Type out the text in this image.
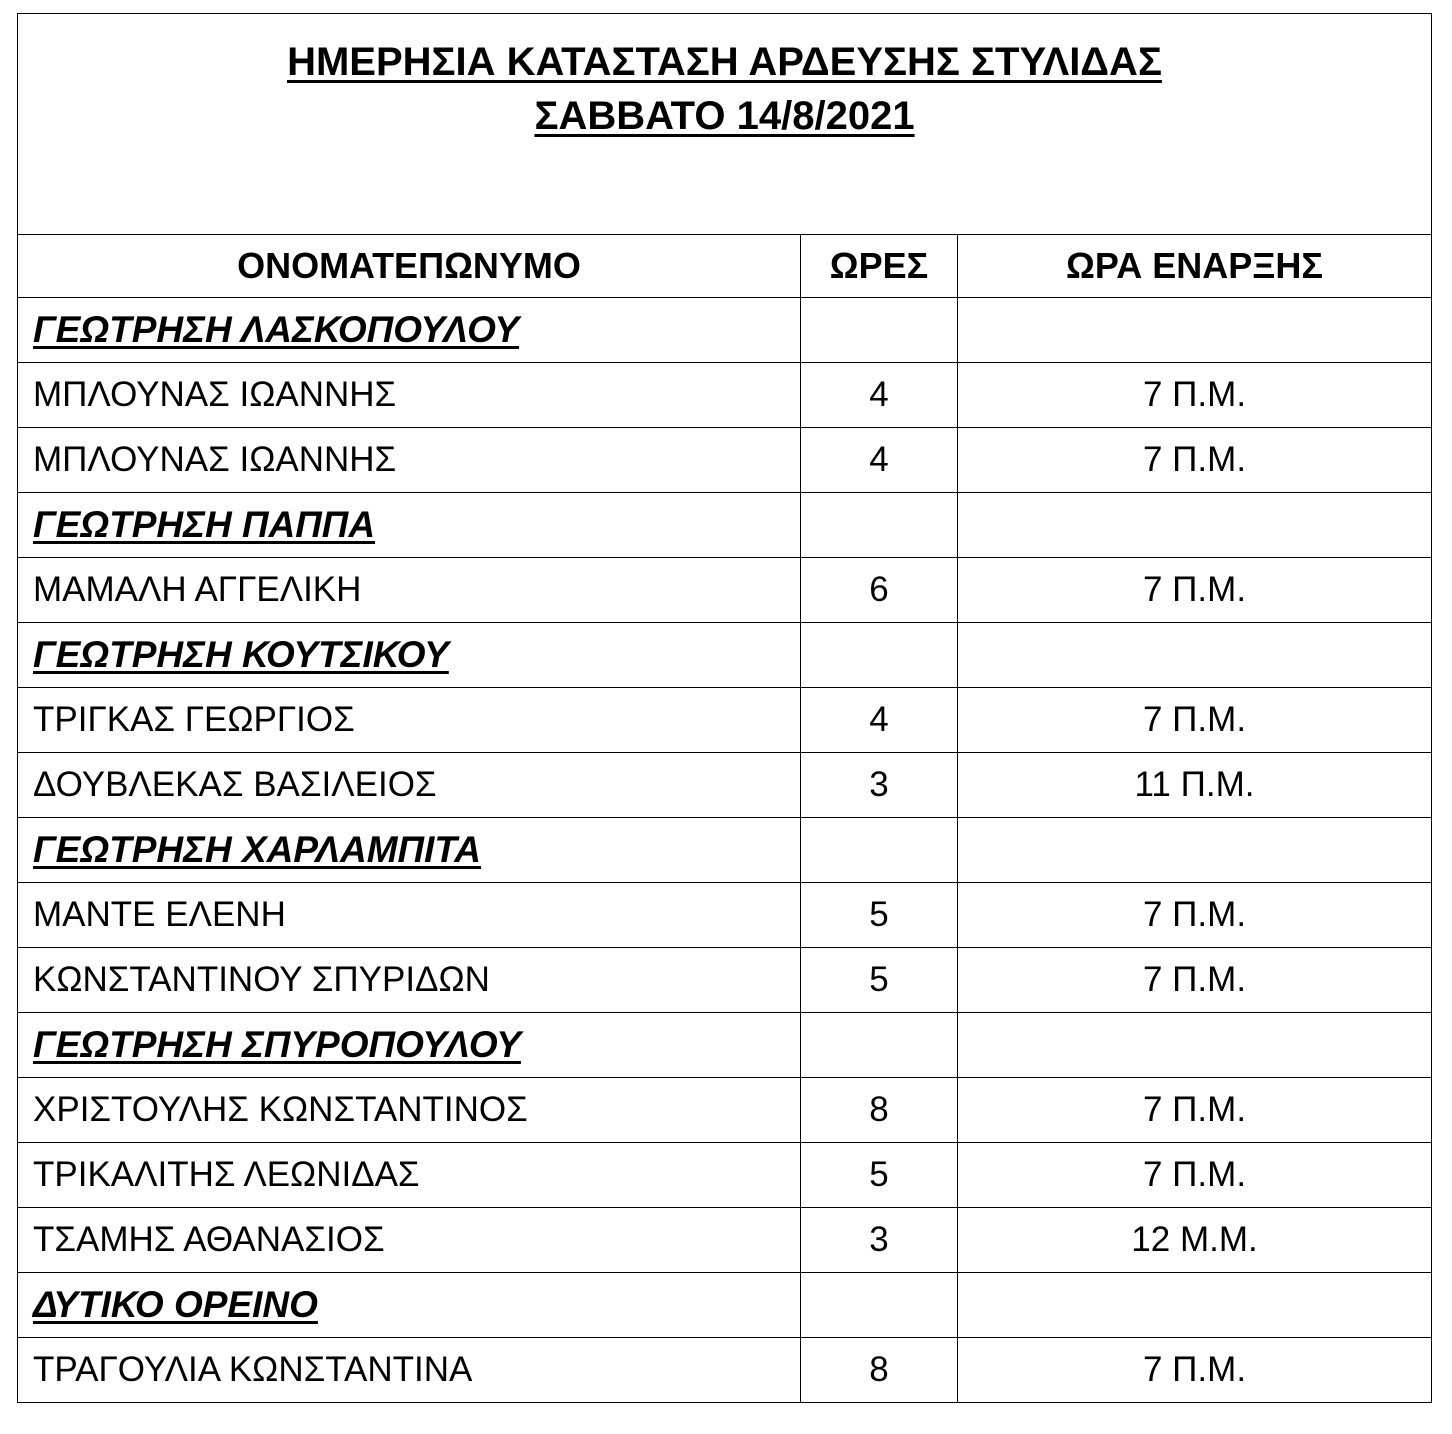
ΗΜΕΡΗΣΙΑ ΚΑΤΑΣΤΑΣΗ ΑΡΔΕΥΣΗΣ ΣΤΥΛΙΔΑΣ
ΣΑΒΒΑΤΟ 14/8/2021		
ΟΝΟΜΑΤΕΠΩΝΥΜΟ	ΩΡΕΣ	ΩΡΑ ΕΝΑΡΞΗΣ
ΓΕΩΤΡΗΣΗ ΛΑΣΚΟΠΟΥΛΟΥ		
ΜΠΛΟΥΝΑΣ ΙΩΑΝΝΗΣ	4	7 Π.Μ.
ΜΠΛΟΥΝΑΣ ΙΩΑΝΝΗΣ	4	7 Π.Μ.
ΓΕΩΤΡΗΣΗ ΠΑΠΠΑ		
ΜΑΜΑΛΗ ΑΓΓΕΛΙΚΗ	6	7 Π.Μ.
ΓΕΩΤΡΗΣΗ ΚΟΥΤΣΙΚΟΥ		
ΤΡΙΓΚΑΣ ΓΕΩΡΓΙΟΣ	4	7 Π.Μ.
ΔΟΥΒΛΕΚΑΣ ΒΑΣΙΛΕΙΟΣ	3	11 Π.Μ.
ΓΕΩΤΡΗΣΗ ΧΑΡΛΑΜΠΙΤΑ		
ΜΑΝΤΕ ΕΛΕΝΗ	5	7 Π.Μ.
ΚΩΝΣΤΑΝΤΙΝΟΥ ΣΠΥΡΙΔΩΝ	5	7 Π.Μ.
ΓΕΩΤΡΗΣΗ ΣΠΥΡΟΠΟΥΛΟΥ		
ΧΡΙΣΤΟΥΛΗΣ ΚΩΝΣΤΑΝΤΙΝΟΣ	8	7 Π.Μ.
ΤΡΙΚΑΛΙΤΗΣ ΛΕΩΝΙΔΑΣ	5	7 Π.Μ.
ΤΣΑΜΗΣ ΑΘΑΝΑΣΙΟΣ	3	12 Μ.Μ.
ΔΥΤΙΚΟ ΟΡΕΙΝΟ		
ΤΡΑΓΟΥΛΙΑ ΚΩΝΣΤΑΝΤΙΝΑ	8	7 Π.Μ.
